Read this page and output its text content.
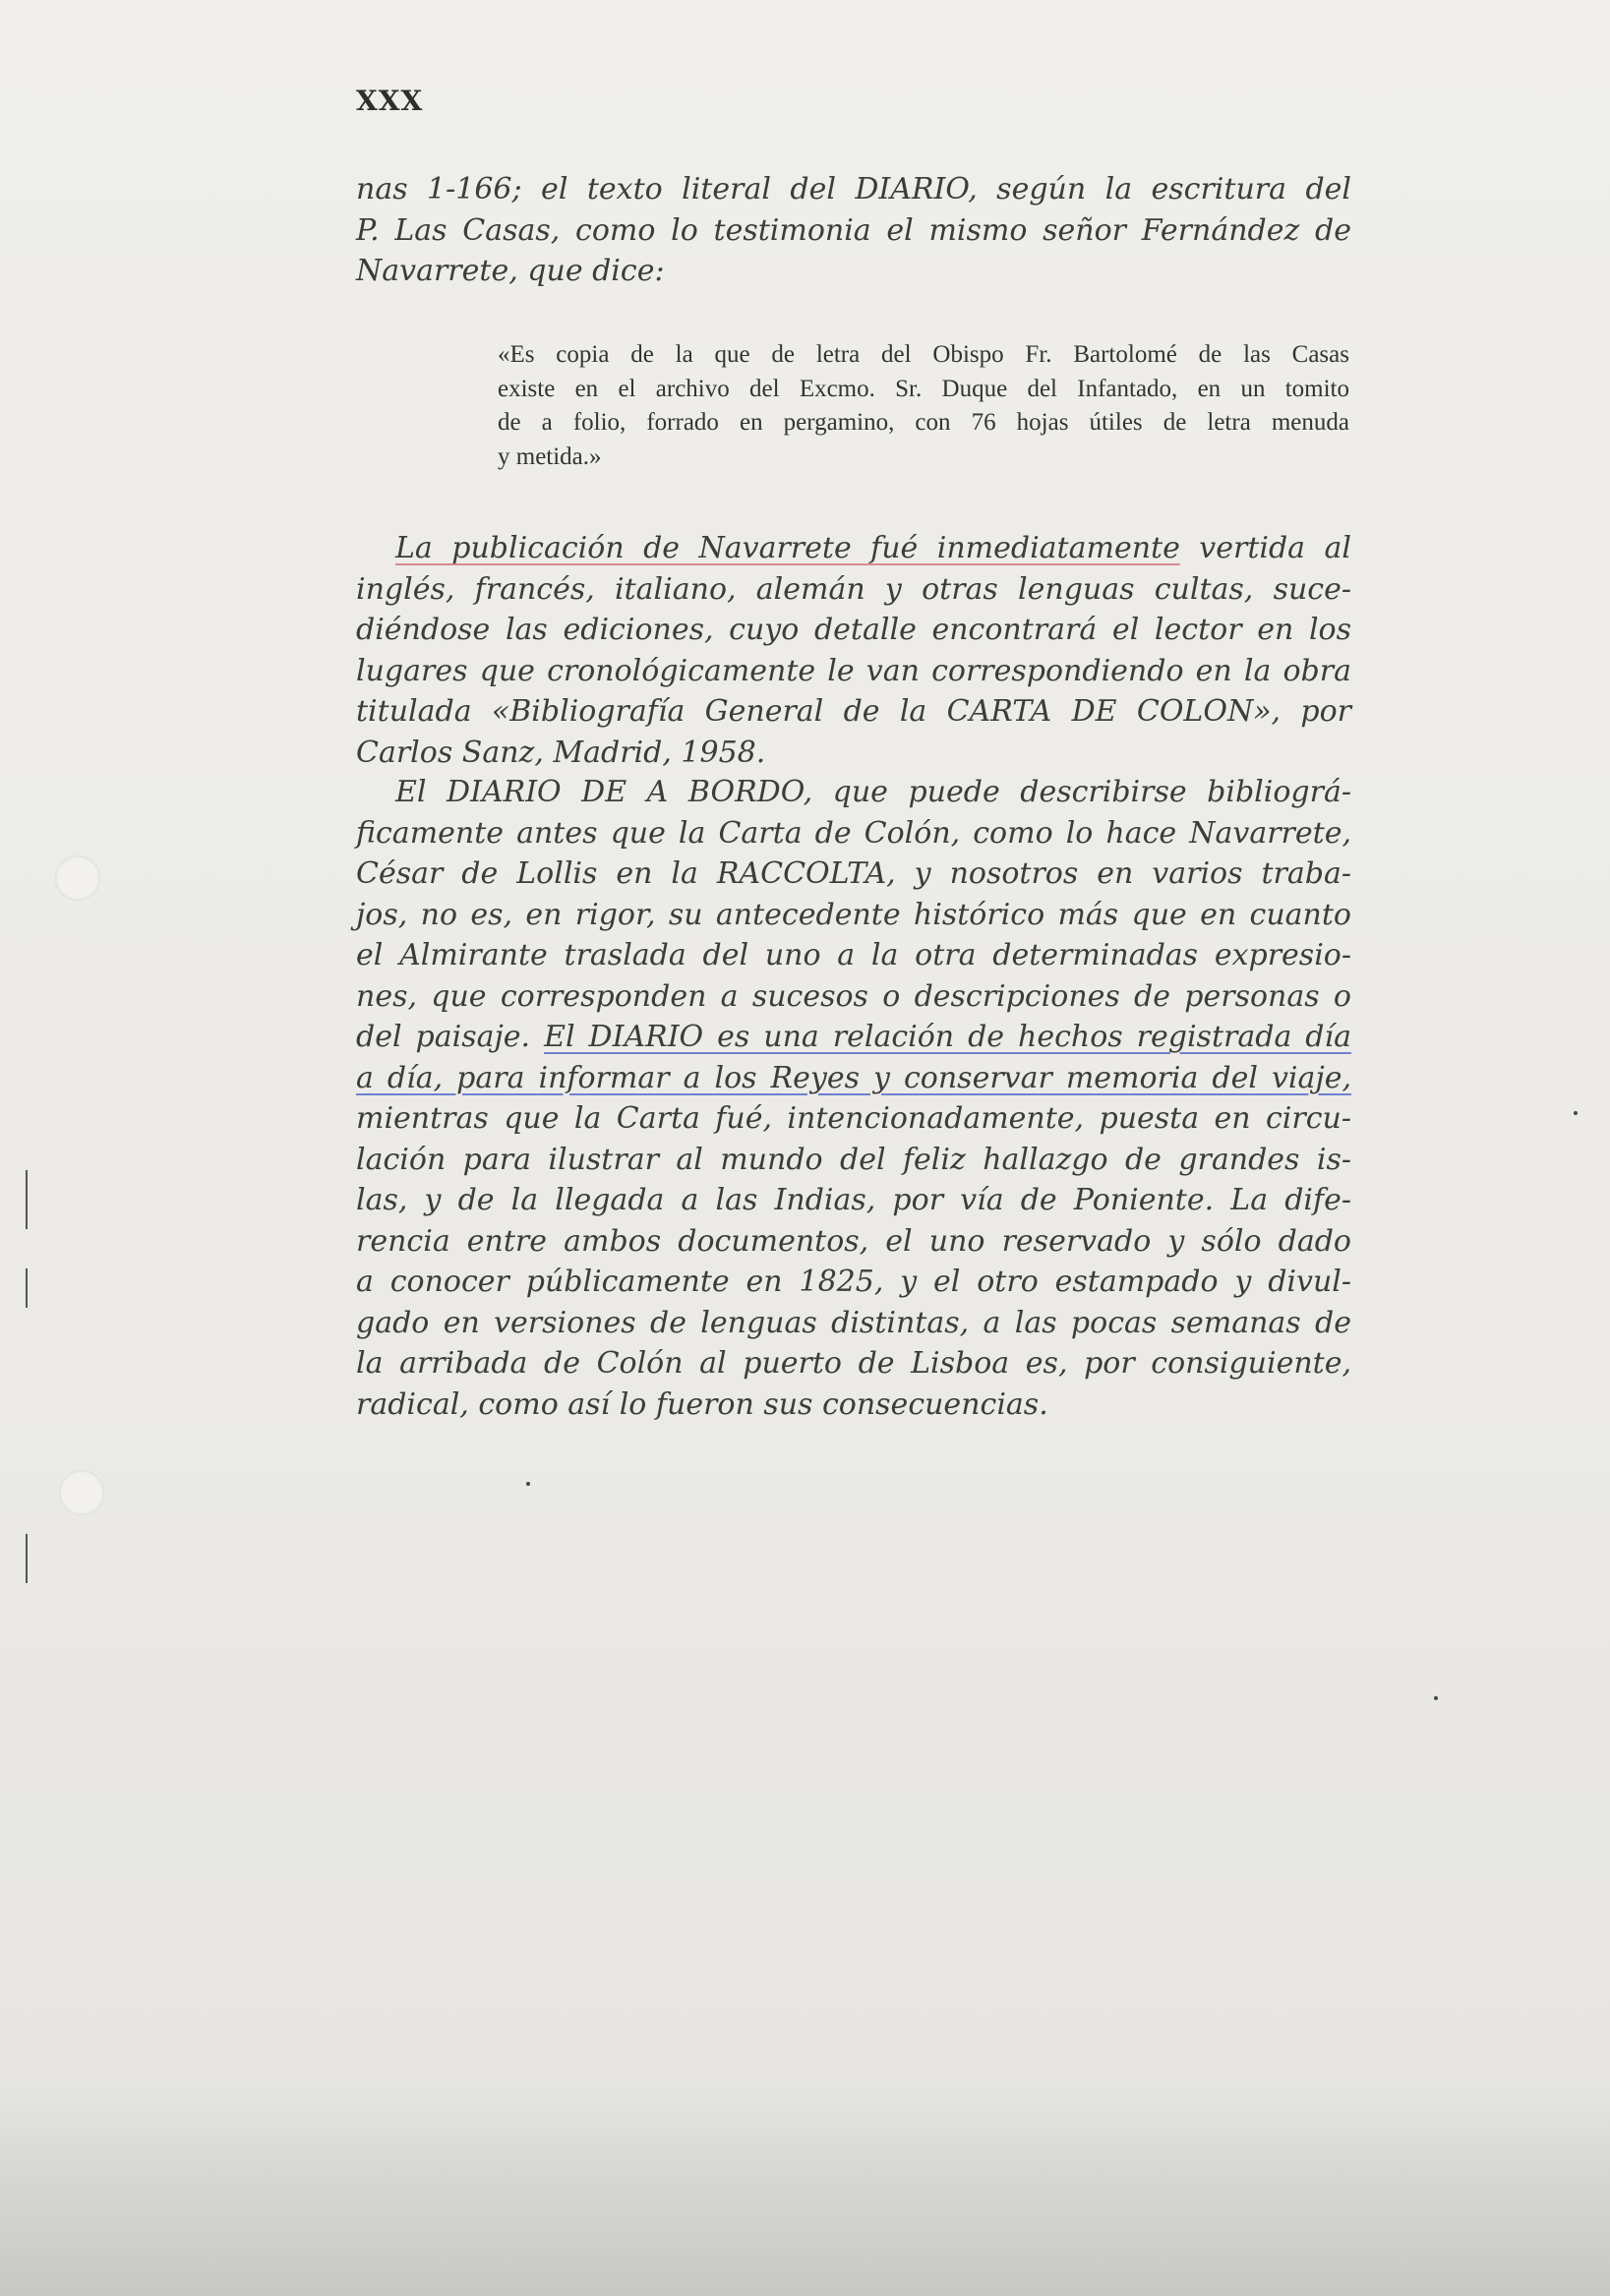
XXX
nas 1-166; el texto literal del DIARIO, según la escritura del
P. Las Casas, como lo testimonia el mismo señor Fernández de
Navarrete, que dice:
«Es copia de la que de letra del Obispo Fr. Bartolomé de las Casas
existe en el archivo del Excmo. Sr. Duque del Infantado, en un tomito
de a folio, forrado en pergamino, con 76 hojas útiles de letra menuda
y metida.»
La publicación de Navarrete fué inmediatamente vertida al
inglés, francés, italiano, alemán y otras lenguas cultas, suce-
diéndose las ediciones, cuyo detalle encontrará el lector en los
lugares que cronológicamente le van correspondiendo en la obra
titulada «Bibliografía General de la CARTA DE COLON», por
Carlos Sanz, Madrid, 1958.
El DIARIO DE A BORDO, que puede describirse bibliográ-
ficamente antes que la Carta de Colón, como lo hace Navarrete,
César de Lollis en la RACCOLTA, y nosotros en varios traba-
jos, no es, en rigor, su antecedente histórico más que en cuanto
el Almirante traslada del uno a la otra determinadas expresio-
nes, que corresponden a sucesos o descripciones de personas o
del paisaje. El DIARIO es una relación de hechos registrada día
a día, para informar a los Reyes y conservar memoria del viaje,
mientras que la Carta fué, intencionadamente, puesta en circu-
lación para ilustrar al mundo del feliz hallazgo de grandes is-
las, y de la llegada a las Indias, por vía de Poniente. La dife-
rencia entre ambos documentos, el uno reservado y sólo dado
a conocer públicamente en 1825, y el otro estampado y divul-
gado en versiones de lenguas distintas, a las pocas semanas de
la arribada de Colón al puerto de Lisboa es, por consiguiente,
radical, como así lo fueron sus consecuencias.
